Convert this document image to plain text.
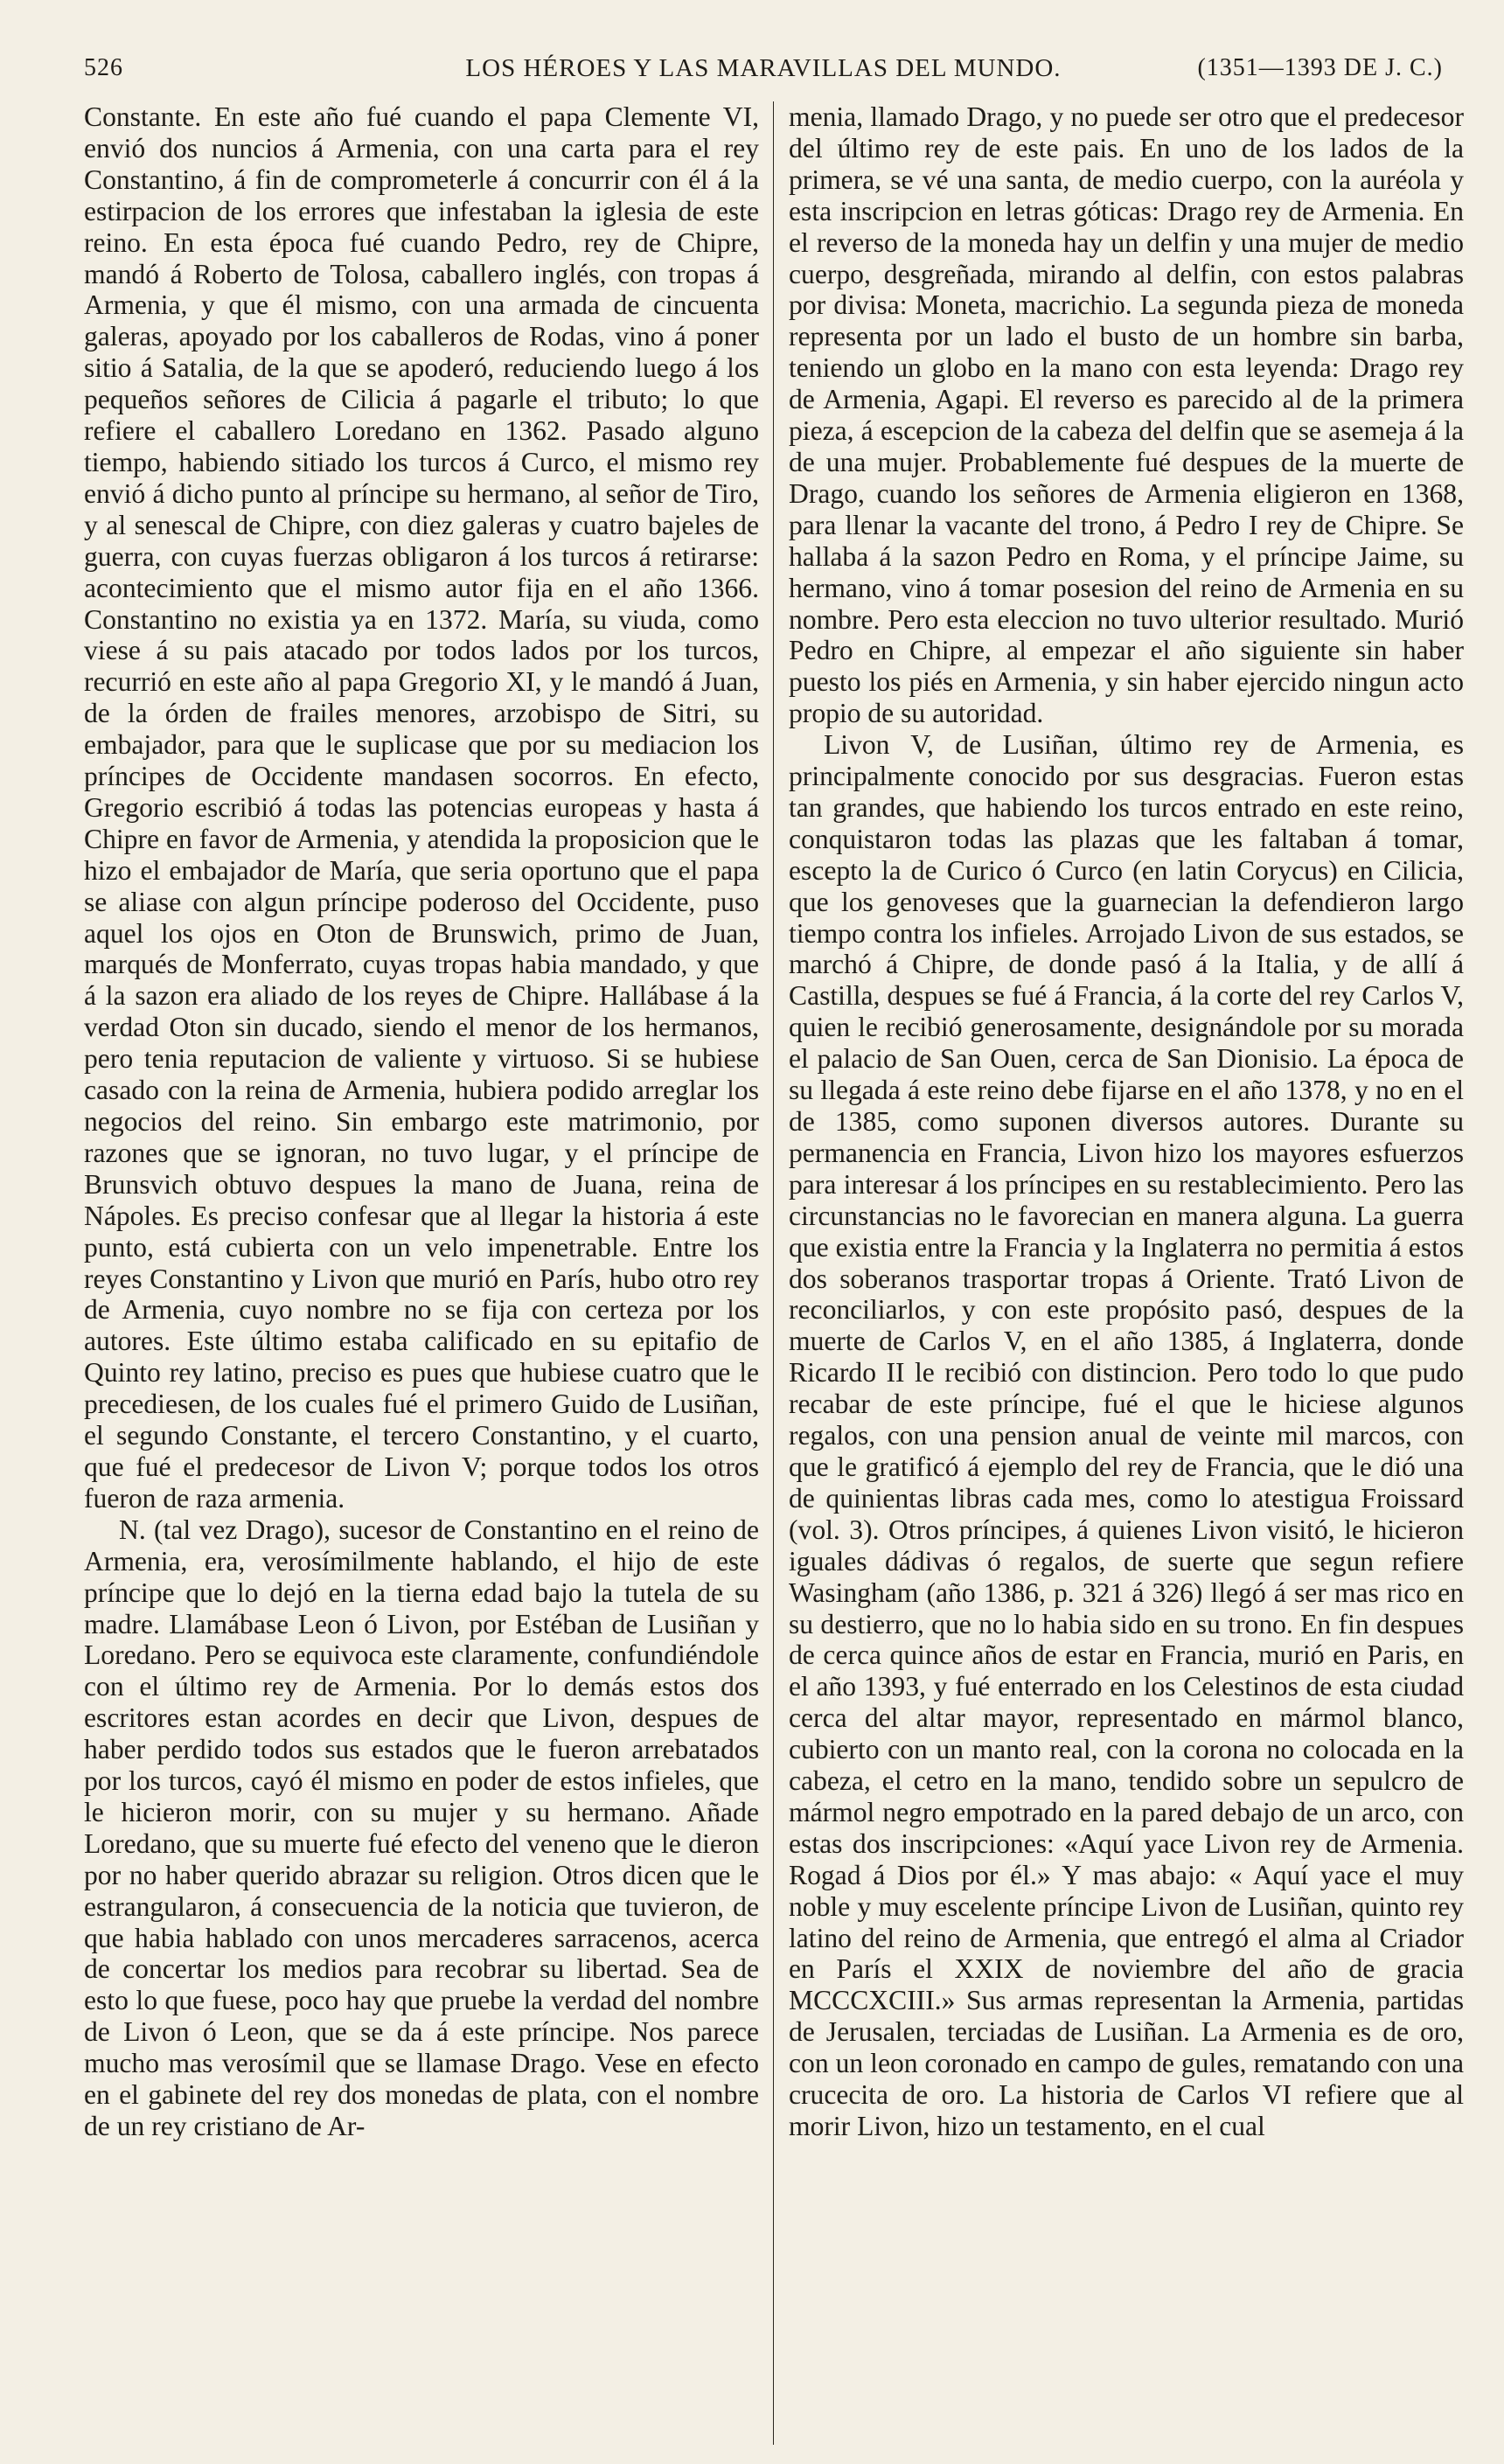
526	LOS HÉROES Y LAS MARAVILLAS DEL MUNDO.	(1351—1393 DE J. C.)

Constante. En este año fué cuando el papa Clemente VI, envió dos nuncios á Armenia, con una carta para el rey Constantino, á fin de comprometerle á concurrir con él á la estirpacion de los errores que infestaban la iglesia de este reino. En esta época fué cuando Pedro, rey de Chipre, mandó á Roberto de Tolosa, caballero inglés, con tropas á Armenia, y que él mismo, con una armada de cincuenta galeras, apoyado por los caballeros de Rodas, vino á poner sitio á Satalia, de la que se apoderó, reduciendo luego á los pequeños señores de Cilicia á pagarle el tributo; lo que refiere el caballero Loredano en 1362. Pasado alguno tiempo, habiendo sitiado los turcos á Curco, el mismo rey envió á dicho punto al príncipe su hermano, al señor de Tiro, y al senescal de Chipre, con diez galeras y cuatro bajeles de guerra, con cuyas fuerzas obligaron á los turcos á retirarse: acontecimiento que el mismo autor fija en el año 1366. Constantino no existia ya en 1372. María, su viuda, como viese á su pais atacado por todos lados por los turcos, recurrió en este año al papa Gregorio XI, y le mandó á Juan, de la órden de frailes menores, arzobispo de Sitri, su embajador, para que le suplicase que por su mediacion los príncipes de Occidente mandasen socorros. En efecto, Gregorio escribió á todas las potencias europeas y hasta á Chipre en favor de Armenia, y atendida la proposicion que le hizo el embajador de María, que seria oportuno que el papa se aliase con algun príncipe poderoso del Occidente, puso aquel los ojos en Oton de Brunswich, primo de Juan, marqués de Monferrato, cuyas tropas habia mandado, y que á la sazon era aliado de los reyes de Chipre. Hallábase á la verdad Oton sin ducado, siendo el menor de los hermanos, pero tenia reputacion de valiente y virtuoso. Si se hubiese casado con la reina de Armenia, hubiera podido arreglar los negocios del reino. Sin embargo este matrimonio, por razones que se ignoran, no tuvo lugar, y el príncipe de Brunsvich obtuvo despues la mano de Juana, reina de Nápoles. Es preciso confesar que al llegar la historia á este punto, está cubierta con un velo impenetrable. Entre los reyes Constantino y Livon que murió en París, hubo otro rey de Armenia, cuyo nombre no se fija con certeza por los autores. Este último estaba calificado en su epitafio de Quinto rey latino, preciso es pues que hubiese cuatro que le precediesen, de los cuales fué el primero Guido de Lusiñan, el segundo Constante, el tercero Constantino, y el cuarto, que fué el predecesor de Livon V; porque todos los otros fueron de raza armenia.

N. (tal vez Drago), sucesor de Constantino en el reino de Armenia, era, verosímilmente hablando, el hijo de este príncipe que lo dejó en la tierna edad bajo la tutela de su madre. Llamábase Leon ó Livon, por Estéban de Lusiñan y Loredano. Pero se equivoca este claramente, confundiéndole con el último rey de Armenia. Por lo demás estos dos escritores estan acordes en decir que Livon, despues de haber perdido todos sus estados que le fueron arrebatados por los turcos, cayó él mismo en poder de estos infieles, que le hicieron morir, con su mujer y su hermano. Añade Loredano, que su muerte fué efecto del veneno que le dieron por no haber querido abrazar su religion. Otros dicen que le estrangularon, á consecuencia de la noticia que tuvieron, de que habia hablado con unos mercaderes sarracenos, acerca de concertar los medios para recobrar su libertad. Sea de esto lo que fuese, poco hay que pruebe la verdad del nombre de Livon ó Leon, que se da á este príncipe. Nos parece mucho mas verosímil que se llamase Drago. Vese en efecto en el gabinete del rey dos monedas de plata, con el nombre de un rey cristiano de Ar-

menia, llamado Drago, y no puede ser otro que el predecesor del último rey de este pais. En uno de los lados de la primera, se vé una santa, de medio cuerpo, con la auréola y esta inscripcion en letras góticas: Drago rey de Armenia. En el reverso de la moneda hay un delfin y una mujer de medio cuerpo, desgreñada, mirando al delfin, con estos palabras por divisa: Moneta, macrichio. La segunda pieza de moneda representa por un lado el busto de un hombre sin barba, teniendo un globo en la mano con esta leyenda: Drago rey de Armenia, Agapi. El reverso es parecido al de la primera pieza, á escepcion de la cabeza del delfin que se asemeja á la de una mujer. Probablemente fué despues de la muerte de Drago, cuando los señores de Armenia eligieron en 1368, para llenar la vacante del trono, á Pedro I rey de Chipre. Se hallaba á la sazon Pedro en Roma, y el príncipe Jaime, su hermano, vino á tomar posesion del reino de Armenia en su nombre. Pero esta eleccion no tuvo ulterior resultado. Murió Pedro en Chipre, al empezar el año siguiente sin haber puesto los piés en Armenia, y sin haber ejercido ningun acto propio de su autoridad.

Livon V, de Lusiñan, último rey de Armenia, es principalmente conocido por sus desgracias. Fueron estas tan grandes, que habiendo los turcos entrado en este reino, conquistaron todas las plazas que les faltaban á tomar, escepto la de Curico ó Curco (en latin Corycus) en Cilicia, que los genoveses que la guarnecian la defendieron largo tiempo contra los infieles. Arrojado Livon de sus estados, se marchó á Chipre, de donde pasó á la Italia, y de allí á Castilla, despues se fué á Francia, á la corte del rey Carlos V, quien le recibió generosamente, designándole por su morada el palacio de San Ouen, cerca de San Dionisio. La época de su llegada á este reino debe fijarse en el año 1378, y no en el de 1385, como suponen diversos autores. Durante su permanencia en Francia, Livon hizo los mayores esfuerzos para interesar á los príncipes en su restablecimiento. Pero las circunstancias no le favorecian en manera alguna. La guerra que existia entre la Francia y la Inglaterra no permitia á estos dos soberanos trasportar tropas á Oriente. Trató Livon de reconciliarlos, y con este propósito pasó, despues de la muerte de Carlos V, en el año 1385, á Inglaterra, donde Ricardo II le recibió con distincion. Pero todo lo que pudo recabar de este príncipe, fué el que le hiciese algunos regalos, con una pension anual de veinte mil marcos, con que le gratificó á ejemplo del rey de Francia, que le dió una de quinientas libras cada mes, como lo atestigua Froissard (vol. 3). Otros príncipes, á quienes Livon visitó, le hicieron iguales dádivas ó regalos, de suerte que segun refiere Wasingham (año 1386, p. 321 á 326) llegó á ser mas rico en su destierro, que no lo habia sido en su trono. En fin despues de cerca quince años de estar en Francia, murió en Paris, en el año 1393, y fué enterrado en los Celestinos de esta ciudad cerca del altar mayor, representado en mármol blanco, cubierto con un manto real, con la corona no colocada en la cabeza, el cetro en la mano, tendido sobre un sepulcro de mármol negro empotrado en la pared debajo de un arco, con estas dos inscripciones: «Aquí yace Livon rey de Armenia. Rogad á Dios por él.» Y mas abajo: « Aquí yace el muy noble y muy escelente príncipe Livon de Lusiñan, quinto rey latino del reino de Armenia, que entregó el alma al Criador en París el XXIX de noviembre del año de gracia MCCCXCIII.» Sus armas representan la Armenia, partidas de Jerusalen, terciadas de Lusiñan. La Armenia es de oro, con un leon coronado en campo de gules, rematando con una crucecita de oro. La historia de Carlos VI refiere que al morir Livon, hizo un testamento, en el cual
